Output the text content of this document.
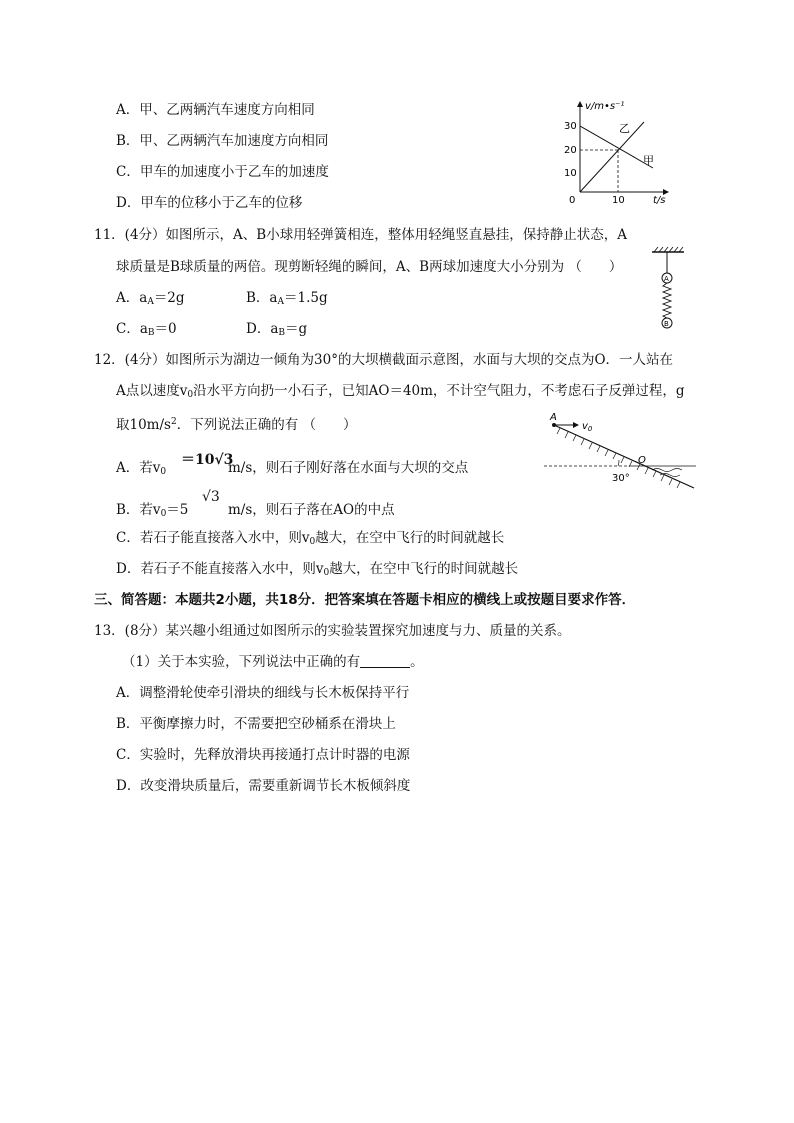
A．甲、乙两辆汽车速度方向相同
B．甲、乙两辆汽车加速度方向相同
C．甲车的加速度小于乙车的加速度
D．甲车的位移小于乙车的位移
v/m•s⁻¹
t/s
30
20
10
0	10
乙
甲
11．(4分）如图所示，A、B小球用轻弹簧相连，整体用轻绳竖直悬挂，保持静止状态，A
球质量是B球质量的两倍。现剪断轻绳的瞬间，A、B两球加速度大小分别为 （　　）
A．$a_A=2g$	B．$a_A=1.5g$
C．$a_B=0$	D．$a_B=g$
A
B
12．(4分）如图所示为湖边一倾角为30°的大坝横截面示意图，水面与大坝的交点为O．一人站在
A点以速度$v_0$沿水平方向扔一小石子，已知AO＝40m，不计空气阻力，不考虑石子反弹过程，g
取$10m/s^2$．下列说法正确的有 （　　）
A．若$v_0$
＝10√3
m/s，则石子刚好落在水面与大坝的交点
B．若$v_0=5$
√3
m/s，则石子落在AO的中点
C．若石子能直接落入水中，则$v_0$越大，在空中飞行的时间就越长
D．若石子不能直接落入水中，则$v_0$越大，在空中飞行的时间就越长
A
$v_0$
30°
O
三、简答题：本题共2小题，共18分．把答案填在答题卡相应的横线上或按题目要求作答．
13．(8分）某兴趣小组通过如图所示的实验装置探究加速度与力、质量的关系。
（1）关于本实验，下列说法中正确的有	。
A．调整滑轮使牵引滑块的细线与长木板保持平行
B．平衡摩擦力时，不需要把空砂桶系在滑块上
C．实验时，先释放滑块再接通打点计时器的电源
D．改变滑块质量后，需要重新调节长木板倾斜度
